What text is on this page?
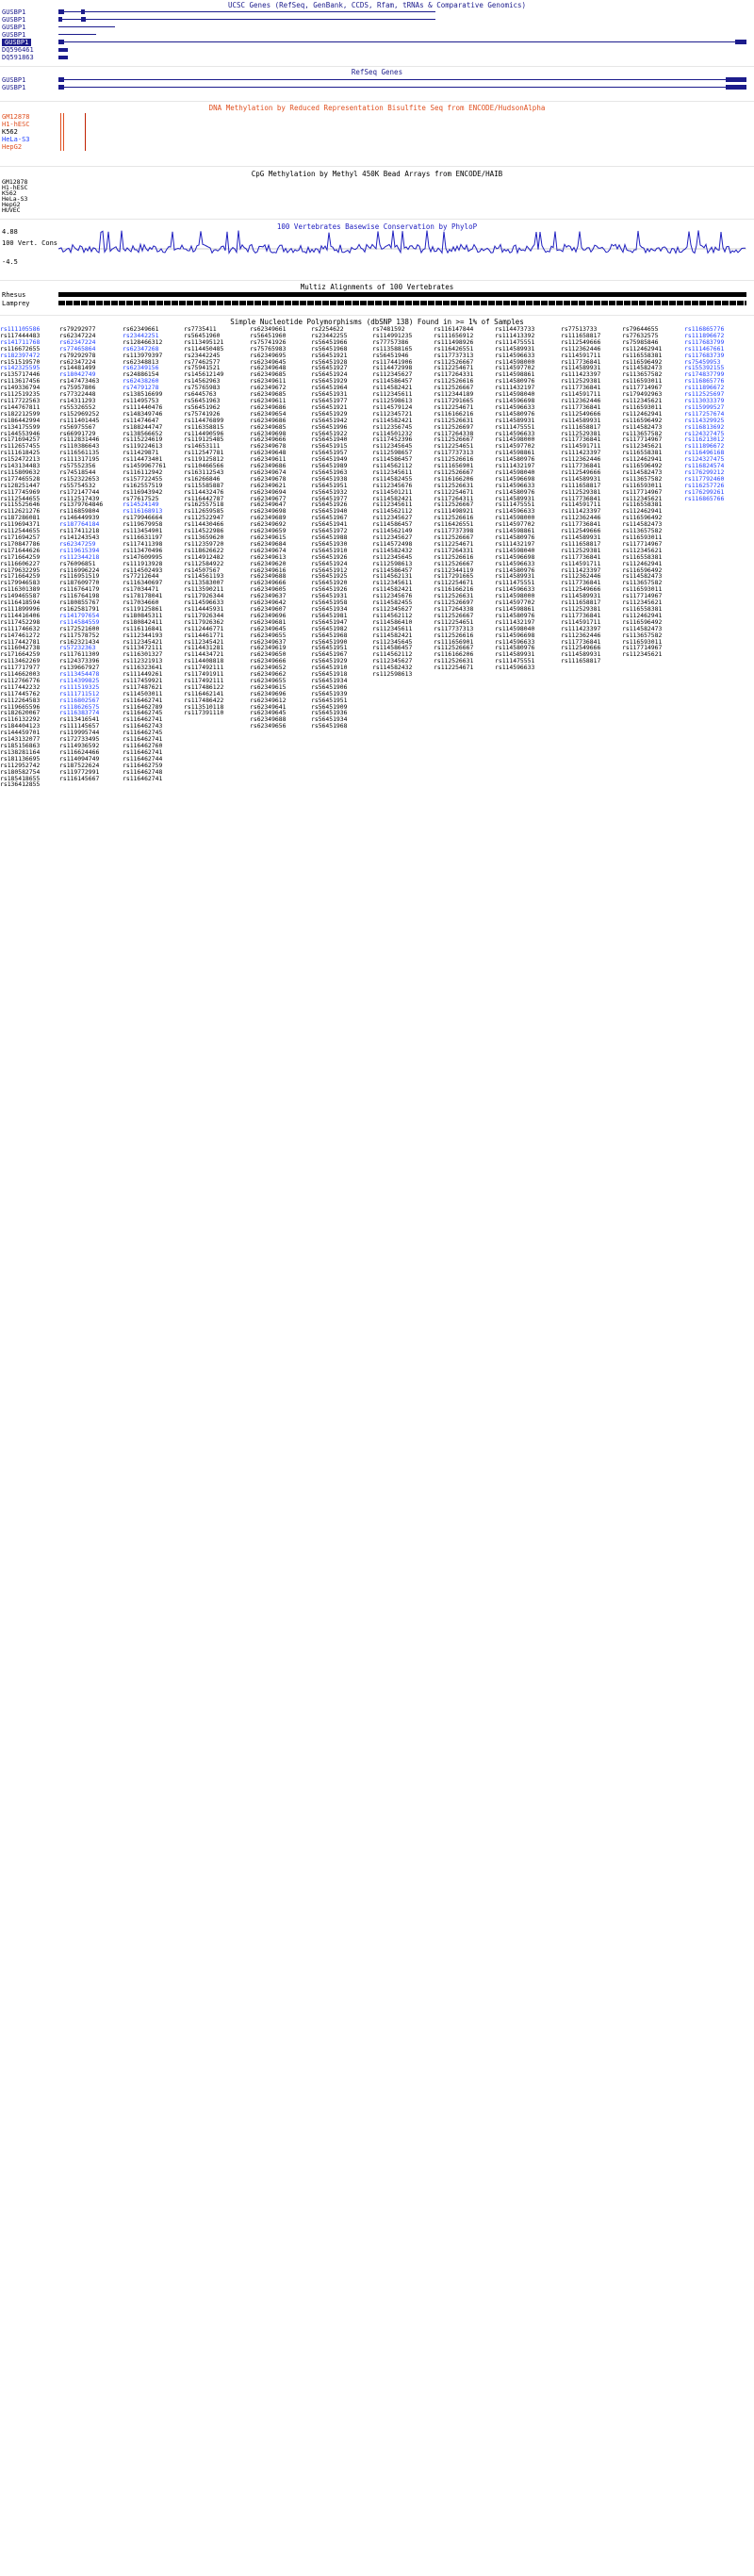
UCSC Genes (RefSeq, GenBank, CCDS, Rfam, tRNAs & Comparative Genomics)
GUSBP1
GUSBP1
GUSBP1
GUSBP1
GUSBP1
DQ596461
DQ591863
RefSeq Genes
GUSBP1
GUSBP1
DNA Methylation by Reduced Representation Bisulfite Seq from ENCODE/HudsonAlpha
GM12878
H1-hESC
K562
HeLa-S3
HepG2
CpG Methylation by Methyl 450K Bead Arrays from ENCODE/HAIB
GM12878
H1-hESC
K562
HeLa-S3
HepG2
HUVEC
100 Vertebrates Basewise Conservation by PhyloP
4.88
100 Vert. Cons
-4.5
Multiz Alignments of 100 Vertebrates
Rhesus
Lamprey
Simple Nucleotide Polymorphisms (dbSNP 138) Found in >= 1% of Samples
rs111105586
rs117444483
rs141711768
rs116672655
rs182397472
rs151519570
rs142325595
rs135717446
rs113617456
rs149336794
rs112519235
rs117722563
rs144767811
rs182212599
rs186442994
rs134175599
rs144553946
rs171694257
rs112657455
rs111618425
rs152472213
rs143134483
rs115809632
rs177465528
rs128251447
rs117745969
rs112544655
rs115525646
rs112621276
rs187286081
rs119694371
rs112544655
rs171694257
rs170847786
rs171644626
rs171664259
rs116606227
rs179632295
rs171664259
rs179946583
rs116301389
rs149465587
rs116418594
rs111899996
rs114416406
rs117452298
rs111746632
rs147461272
rs117442781
rs116042738
rs171664259
rs113462269
rs117717977
rs114662003
rs112766776
rs117442232
rs117445762
rs112264583
rs119665596
rs182620067
rs116132292
rs184404123
rs144459701
rs143132077
rs185156863
rs138281164
rs181136695
rs112952742
rs180582754
rs185418655
rs136412855
rs79292977
rs62347224
rs62347224
rs77465864
rs79292978
rs62347224
rs14481499
rs18042749
rs147473463
rs75957806
rs77322448
rs14311293
rs55326552
rs152969252
rs111401445
rs56975567
rs66991729
rs112831446
rs110386643
rs116561135
rs111317195
rs57552356
rs74518544
rs152322653
rs55754532
rs172147744
rs112517439
rs1379764846
rs116859804
rs146449939
rs187764184
rs117411218
rs141243543
rs62347259
rs119615394
rs112344218
rs76096851
rs116996224
rs116951519
rs187609770
rs116764179
rs116764198
rs180855767
rs162581791
rs141797654
rs114584559
rs172521600
rs117578752
rs162321434
rs57232363
rs117611309
rs124373396
rs139667927
rs113454478
rs114399825
rs111519325
rs111711512
rs116802567
rs118626575
rs116383774
rs113416541
rs111145657
rs119995744
rs172733495
rs114936592
rs116624466
rs114094749
rs187522624
rs119772991
rs116145667
rs62349661
rs23442251
rs128466312
rs62347268
rs113979397
rs62348813
rs62349156
rs24886154
rs62438260
rs74791278
rs138516699
rs11495753
rs111440476
rs148349746
rs11474647
rs188244747
rs138566652
rs115224619
rs119224613
rs11429871
rs114473401
rs1459967761
rs116112942
rs157722455
rs162557519
rs116943942
rs77617525
rs14524149
rs116168913
rs179946664
rs119679958
rs113454901
rs116631197
rs117411398
rs113470496
rs147609995
rs111913928
rs114502493
rs77212644
rs116340697
rs17034471
rs178178041
rs17034660
rs119125861
rs180845311
rs180842411
rs116116841
rs112344193
rs112345421
rs113472111
rs116301327
rs112321913
rs116323641
rs111449261
rs117459921
rs117487621
rs114503011
rs116462741
rs116462789
rs116462745
rs116462741
rs116462743
rs116462745
rs116462741
rs116462760
rs116462741
rs116462744
rs116462759
rs116462748
rs116462741
rs7735411
rs56451960
rs113495121
rs114450485
rs23442245
rs77462577
rs75941521
rs145612149
rs14562963
rs75765983
rs6445763
rs56451963
rs56451962
rs75741926
rs114476899
rs116358815
rs114490596
rs119125485
rs14653111
rs112547781
rs119125812
rs110466566
rs163112543
rs16266846
rs115585887
rs114432476
rs116442787
rs162557518
rs112659585
rs112522947
rs114430466
rs114522986
rs113659620
rs112359720
rs118626622
rs114912482
rs112584922
rs14507567
rs114561193
rs113583007
rs113590211
rs117926344
rs114596633
rs114445931
rs117926344
rs117926362
rs112446771
rs114461771
rs112345421
rs114431281
rs114434721
rs114408818
rs117492111
rs117491911
rs117492111
rs117486122
rs116462141
rs117486422
rs113510118
rs117391110
rs62349661
rs56451960
rs75741926
rs75765983
rs62349695
rs62349645
rs62349648
rs62349685
rs62349611
rs62349672
rs62349685
rs62349611
rs62349686
rs62349654
rs62349686
rs62349685
rs62349698
rs62349666
rs62349678
rs62349648
rs62349611
rs62349686
rs62349674
rs62349678
rs62349621
rs62349694
rs62349677
rs62349647
rs62349698
rs62349689
rs62349692
rs62349659
rs62349615
rs62349684
rs62349674
rs62349613
rs62349620
rs62349616
rs62349688
rs62349666
rs62349605
rs62349637
rs62349642
rs62349607
rs62349696
rs62349681
rs62349645
rs62349655
rs62349637
rs62349619
rs62349650
rs62349666
rs62349652
rs62349662
rs62349655
rs62349615
rs62349696
rs62349612
rs62349641
rs62349645
rs62349688
rs62349656
rs2254622
rs23442255
rs56451966
rs56451968
rs56451921
rs56451928
rs56451927
rs56451924
rs56451929
rs56451964
rs56451931
rs56451977
rs56451921
rs56451929
rs56451942
rs56451996
rs56451922
rs56451940
rs56451915
rs56451957
rs56451949
rs56451989
rs56451963
rs56451938
rs56451951
rs56451932
rs56451977
rs56451926
rs56451940
rs56451967
rs56451941
rs56451972
rs56451988
rs56451930
rs56451910
rs56451926
rs56451924
rs56451912
rs56451925
rs56451920
rs56451926
rs56451931
rs56451958
rs56451934
rs56451981
rs56451947
rs56451982
rs56451968
rs56451990
rs56451951
rs56451967
rs56451929
rs56451910
rs56451918
rs56451934
rs56451906
rs56451939
rs56451951
rs56451909
rs56451936
rs56451934
rs56451968
rs7481592
rs114991235
rs77757386
rs113588165
rs56451946
rs117441906
rs114472998
rs112345627
rs114586457
rs114582421
rs112345611
rs112598613
rs114579124
rs112345721
rs114582421
rs112356745
rs114501232
rs117452396
rs112345645
rs112598657
rs114586457
rs114562112
rs112345611
rs114582455
rs112345676
rs114501211
rs114582421
rs112345611
rs114562112
rs112345627
rs114586457
rs114562149
rs112345627
rs114572498
rs114582432
rs112345645
rs112598613
rs114586457
rs114562131
rs112345611
rs114582421
rs112345676
rs114582455
rs112345627
rs114562112
rs114586410
rs112345611
rs114582421
rs112345645
rs114586457
rs114562112
rs112345627
rs114582432
rs112598613
rs116147844
rs111656912
rs111498926
rs116426551
rs117737313
rs112526667
rs112254671
rs117264331
rs112526616
rs112526667
rs112344189
rs117291665
rs112254671
rs116166216
rs112526631
rs112526697
rs117264338
rs112526667
rs112254651
rs117737313
rs112526616
rs111656901
rs112526667
rs116166206
rs112526631
rs112254671
rs117264311
rs112526667
rs111498921
rs112526616
rs116426551
rs117737398
rs112526667
rs112254671
rs117264331
rs112526616
rs112526667
rs112344119
rs117291665
rs112254671
rs116166216
rs112526631
rs112526697
rs117264338
rs112526667
rs112254651
rs117737313
rs112526616
rs111656901
rs112526667
rs116166206
rs112526631
rs112254671
rs114473733
rs111413392
rs111475551
rs114589931
rs114596633
rs114598000
rs114597702
rs114598861
rs114580976
rs111432197
rs114598040
rs114596698
rs114596633
rs114580976
rs114589931
rs111475551
rs114596633
rs114598000
rs114597702
rs114598861
rs114580976
rs111432197
rs114598040
rs114596698
rs114596633
rs114580976
rs114589931
rs111475551
rs114596633
rs114598000
rs114597702
rs114598861
rs114580976
rs111432197
rs114598040
rs114596698
rs114596633
rs114580976
rs114589931
rs111475551
rs114596633
rs114598000
rs114597702
rs114598861
rs114580976
rs111432197
rs114598040
rs114596698
rs114596633
rs114580976
rs114589931
rs111475551
rs114596633
rs77513733
rs111658817
rs112549666
rs112362446
rs114591711
rs117736841
rs114589931
rs111423397
rs112529381
rs117736841
rs114591711
rs112362446
rs117736841
rs112549666
rs114589931
rs111658817
rs112529381
rs117736841
rs114591711
rs111423397
rs112362446
rs117736841
rs112549666
rs114589931
rs111658817
rs112529381
rs117736841
rs114591711
rs111423397
rs112362446
rs117736841
rs112549666
rs114589931
rs111658817
rs112529381
rs117736841
rs114591711
rs111423397
rs112362446
rs117736841
rs112549666
rs114589931
rs111658817
rs112529381
rs117736841
rs114591711
rs111423397
rs112362446
rs117736841
rs112549666
rs114589931
rs111658817
rs79644655
rs77632575
rs75985846
rs112462941
rs116558381
rs116596492
rs114582473
rs113657582
rs116593011
rs117714967
rs179492963
rs112345621
rs116593011
rs112462941
rs116596492
rs114582473
rs113657582
rs117714967
rs112345621
rs116558381
rs112462941
rs116596492
rs114582473
rs113657582
rs116593011
rs117714967
rs112345621
rs116558381
rs112462941
rs116596492
rs114582473
rs113657582
rs116593011
rs117714967
rs112345621
rs116558381
rs112462941
rs116596492
rs114582473
rs113657582
rs116593011
rs117714967
rs112345621
rs116558381
rs112462941
rs116596492
rs114582473
rs113657582
rs116593011
rs117714967
rs112345621
rs116865776
rs111896672
rs117683799
rs111467661
rs117683739
rs75459953
rs155392155
rs174837799
rs116865776
rs111896672
rs112525697
rs113033379
rs115999527
rs117257674
rs114329925
rs116813692
rs124327475
rs116213012
rs111896672
rs116496168
rs124327475
rs116824574
rs176299212
rs117792460
rs116257726
rs176299261
rs116865766
